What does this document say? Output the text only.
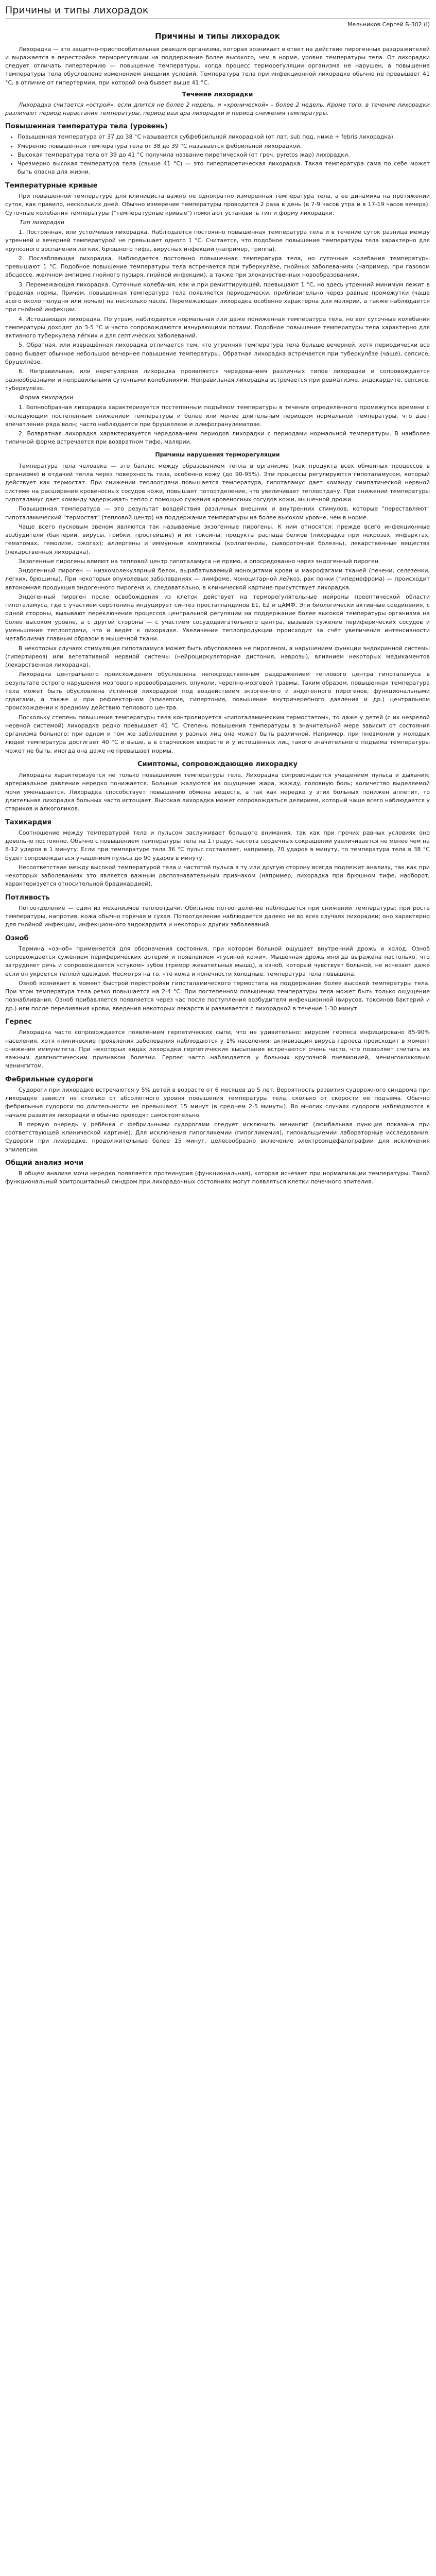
Причины и типы лихорадок
Мельников Сергей Б-302 (I)
Причины и типы лихорадок

Лихорадка — это защитно-приспособительная реакция организма, которая возникает в ответ на действие пирогенных раздражителей и выражается в перестройке терморегуляции на поддержание более высокого, чем в норме, уровня температуры тела. От лихорадки следует отличать гипертермию — повышение температуры, когда процесс терморегуляции организма не нарушен, а повышение температуры тела обусловлено изменением внешних условий. Температура тела при инфекционной лихорадке обычно не превышает 41 °С, в отличие от гипертермии, при которой она бывает выше 41 °С.

Течение лихорадки

Лихорадка считается «острой», если длится не более 2 недель, и «хронической» – более 2 недель. Кроме того, в течение лихорадки различают период нарастания температуры, период разгара лихорадки и период снижения температуры.

Повышенная температура тела (уровень)
• Повышенная температура от 37 до 38 °С называется субфебрильной лихорадкой (от лат. sub под, ниже + febris лихорадка).
• Умеренно повышенная температура тела от 38 до 39 °С называется фебрильной лихорадкой.
• Высокая температура тела от 39 до 41 °С получила название пиретической (от греч. pyretos жар) лихорадки.
• Чрезмерно высокая температура тела (свыше 41 °С) — это гиперпиретическая лихорадка. Такая температура сама по себе может быть опасна для жизни.
Температурные кривые

При повышенной температуре для клинициста важно не однократно измеренная температура тела, а её динамика на протяжении суток, как правило, нескольких дней. Обычно измерение температуры проводится 2 раза в день (в 7-9 часов утра и в 17-19 часов вечера). Суточные колебания температуры ("температурные кривые") помогают установить тип и форму лихорадки.

Тип лихорадки

1. Постоянная, или устойчивая лихорадка. Наблюдается постоянно повышенная температура тела и в течение суток разница между утренней и вечерней температурой не превышает одного 1 °С. Считается, что подобное повышение температуры тела характерно для крупозного воспаления лёгких, брюшного тифа, вирусных инфекций (например, гриппа).

2. Послабляющая лихорадка. Наблюдается постоянно повышенная температура тела, но суточные колебания температуры превышают 1 °С. Подобное повышение температуры тела встречается при туберкулёзе, гнойных заболеваниях (например, при газовом абсцессе, желчном эмпиеме гнойного пузыря, гнойной инфекции), а также при злокачественных новообразованиях.

3. Перемежающая лихорадка. Суточные колебания, как и при ремиттирующей, превышают 1 °С, но здесь утренний минимум лежит в пределах нормы. Причем, повышенная температура тела появляется периодически, приблизительно через равные промежутки (чаще всего около полудня или ночью) на несколько часов. Перемежающая лихорадка особенно характерна для малярии, а также наблюдается при гнойной инфекции.

4. Истощающая лихорадка. По утрам, наблюдается нормальная или даже пониженная температура тела, но вот суточные колебания температуры доходят до 3-5 °С и часто сопровождаются изнуряющими потами. Подобное повышение температуры тела характерно для активного туберкулеза лёгких и для септических заболеваний.

5. Обратная, или извращённая лихорадка отличается тем, что утренняя температура тела больше вечерней, хотя периодически все равно бывает обычное небольшое вечернее повышение температуры. Обратная лихорадка встречается при туберкулёзе (чаще), сепсисе, бруцеллёзе.

6. Неправильная, или неретулярная лихорадка проявляется чередованием различных типов лихорадки и сопровождается разнообразными и неправильными суточными колебаниями. Неправильная лихорадка встречается при ревматизме, эндокардите, сепсисе, туберкулёзе.

Форма лихорадки

1. Волнообразная лихорадка характеризуется постепенным подъёмом температуры в течение определённого промежутка времени с последующим постепенным снижением температуры и более или менее длительным периодом нормальной температуры, что дает впечатление ряда волн; часто наблюдается при бруцеллезе и лимфогранулематозе.

2. Возвратная лихорадка характеризуется чередованием периодов лихорадки с периодами нормальной температуры. В наиболее типичной форме встречается при возвратном тифе, малярии.

Причины нарушения терморегуляции

Температура тела человека — это баланс между образованием тепла в организме (как продукта всех обменных процессов в организме) и отдачей тепла через поверхность тела, особенно кожу (до 90-95%). Эти процессы регулируются гипоталамусом, который действует как термостат. При снижении теплоотдачи повышается температура, гипоталамус дает команду симпатической нервной системе на расширение кровеносных сосудов кожи, повышает потоотделение, что увеличивает теплоотдачу. При снижении температуры гипоталамус дает команду задерживать тепло с помощью сужения кровеносных сосудов кожи, мышечной дрожи.

Повышенная температура — это результат воздействия различных внешних и внутренних стимулов, которые "переставляют" гипоталамический "термостат" (тепловой центр) на поддержание температуры на более высоком уровне, чем в норме.

Чаще всего пусковым звеном являются так называемые экзогенные пирогены. К ним относятся: прежде всего инфекционные возбудители (бактерии, вирусы, грибки, простейшие) и их токсины; продукты распада белков (лихорадка при некрозах, инфарктах, гематомах, гемолизе, ожогах); аллергены и иммунные комплексы (коллагенозы, сывороточная болезнь), лекарственные вещества (лекарственная лихорадка).

Экзогенные пирогены влияют на тепловой центр гипоталамуса не прямо, а опосредованно через эндогенный пироген.

Эндогенный пироген — низкомолекулярный белок, вырабатываемый моноцитами крови и макрофагами тканей (печени, селезенки, лёгких, брюшины). При некоторых опухолевых заболеваниях — лимфоме, моноцитарной лейкоз, рак почки (гипернефрома) — происходит автономная продукция эндогенного пирогена и, следовательно, в клинической картине присутствует лихорадка.

Эндогенный пироген после освобождения из клеток действует на терморегулятельные нейроны преоптической области гипоталамуса, где с участием серотонина индуцирует синтез простагландинов E1, E2 и цАМФ. Эти биологически активные соединения, с одной стороны, вызывают переключение процессов центральной регуляции на поддержание более высокой температуры организма на более высоком уровне, а с другой стороны — с участием сосудодвигательного центра, вызывая сужение периферических сосудов и уменьшение теплоотдачи, что и ведёт к лихорадке. Увеличение теплопродукции происходит за счёт увеличения интенсивности метаболизма главным образом в мышечной ткани.

В некоторых случаях стимуляция гипоталамуса может быть обусловлена не пирогеном, а нарушением функции эндокринной системы (гипертиреоз) или вегетативной нервной системы (нейроциркуляторная дистония, неврозы), влиянием некоторых медикаментов (лекарственная лихорадка).

Лихорадка центрального происхождения обусловлена непосредственным раздражением теплового центра гипоталамуса в результате острого нарушения мозгового кровообращения, опухоли, черепно-мозговой травмы. Таким образом, повышенная температура тела может быть обусловлена истинной лихорадкой под воздействием экзогенного и эндогенного пирогенов, функциональными сдвигами, а также и при рефлекторном (эпилепсия, гипертония, повышение внутричерепного давления и др.) центральном происхождении к вредному действию теплового центра.

Поскольку степень повышения температуры тела контролируется «гипоталамическим термостатом», то даже у детей (с их незрелой нервной системой) лихорадка редко превышает 41 °С. Степень повышения температуры в значительной мере зависит от состояния организма больного: при одном и том же заболевании у разных лиц она может быть различной. Например, при пневмонии у молодых людей температура достигает 40 °С и выше, а в старческом возрасте и у истощённых лиц такого значительного подъёма температуры может не быть; иногда она даже не превышает нормы.

Симптомы, сопровождающие лихорадку

Лихорадка характеризуется не только повышением температуры тела. Лихорадка сопровождается учащением пульса и дыхания; артериальное давление нередко понижается. Больные жалуются на ощущение жара, жажду, головную боль; количество выделяемой мочи уменьшается. Лихорадка способствует повышению обмена веществ, а так как нередко у этих больных понижен аппетит, то длительная лихорадка больных часто истощает. Высокая лихорадка может сопровождаться делирием, который чаще всего наблюдается у стариков и алкоголиков.

Тахикардия

Соотношение между температурой тела и пульсом заслуживает большого внимания, так как при прочих равных условиях оно довольно постоянно. Обычно с повышением температуры тела на 1 градус частота сердечных сокращений увеличивается не менее чем на 8-12 ударов в 1 минуту. Если при температуре тела 36 °С пульс составляет, например, 70 ударов в минуту, то температура тела в 38 °С будет сопровождаться учащением пульса до 90 ударов в минуту.

Несоответствие между высокой температурой тела и частотой пульса в ту или другую сторону всегда подлежит анализу, так как при некоторых заболеваниях это является важным распознавательным признаком (например, лихорадка при брюшном тифе, наоборот, характеризуется относительной брадикардией).

Потливость

Потоотделение — один из механизмов теплоотдачи. Обильное потоотделение наблюдается при снижении температуры; при росте температуры, напротив, кожа обычно горячая и сухая. Потоотделение наблюдается далеко не во всех случаях лихорадки; оно характерно для гнойной инфекции, инфекционного эндокардита и некоторых других заболеваний.

Озноб

Термина «озноб» применяется для обозначения состояния, при котором больной ощущает внутренний дрожь и холод. Озноб сопровождается сужением периферических артерий и появлением «гусиной кожи». Мышечная дрожь иногда выражена настолько, что затрудняет речь и сопровождается «стуком» зубов (тремор жевательных мышц), а озноб, который чувствует больной, не исчезает даже если он укроется тёплой одеждой. Несмотря на то, что кожа и конечности холодные, температура тела повышена.

Озноб возникает в момент быстрой перестройки гипоталамического термостата на поддержание более высокой температуры тела. При этом температура тела резко повышается на 2-4 °С. При постепенном повышении температуры тела может быть только ощущение познабливания. Озноб прибавляется появляется через час после поступления возбудителя инфекционной (вирусов, токсинов бактерий и др.) или после переливания крови, введения некоторых лекарств и развивается с лихорадкой в течение 1-30 минут.

Герпес

Лихорадка часто сопровождается появлением герпетических сыпи, что не удивительно: вирусом герпеса инфицировано 85-90% населения, хотя клинические проявления заболевания наблюдаются у 1% населения; активизация вируса герпеса происходит в момент снижения иммунитета. При некоторых видах лихорадки герпетические высыпания встречаются очень часто, что позволяет считать их важным диагностическим признаком болезни. Герпес часто наблюдается у больных крупозной пневмонией, менингококковым менингитом.

Фебрильные судороги

Судороги при лихорадке встречаются у 5% детей в возрасте от 6 месяцев до 5 лет. Вероятность развития судорожного синдрома при лихорадке зависит не столько от абсолютного уровня повышения температуры тела, сколько от скорости её подъёма. Обычно фебрильные судороги по длительности не превышают 15 минут (в среднем 2-5 минуты). Во многих случаях судороги наблюдаются в начале развития лихорадки и обычно проходят самостоятельно.

В первую очередь у ребёнка с фебрильными судорогами следует исключить менингит (люмбальная пункция показана при соответствующей клинической картине). Для исключения гипогликемии (гипогликемия), гипокальциемии лабораторные исследования. Судороги при лихорадке, продолжительные более 15 минут, целесообразно включение электроэнцефалографии для исключения эпилепсии.

Общий анализ мочи

В общем анализе мочи нередко появляется протеинурия (функциональная), которая исчезает при нормализации температуры. Такой функциональный эритроцитарный синдром при лихорадочных состояниях могут появляться клетки почечного эпителия.
